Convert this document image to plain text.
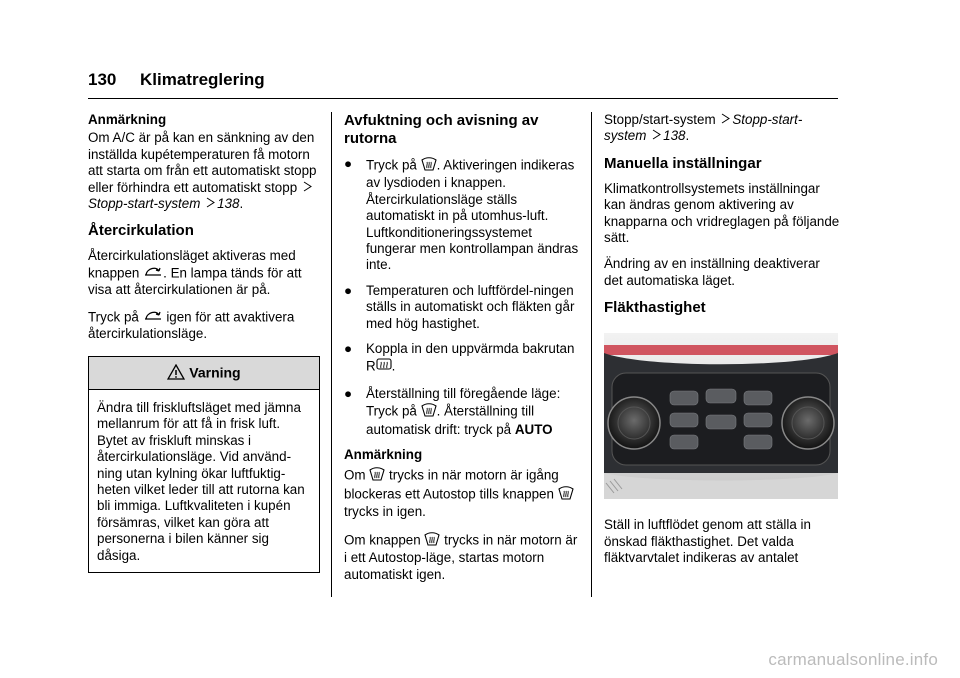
130 Klimatreglering
Anmärkning

Om A/C är på kan en sänkning av den inställda kupétemperaturen få motorn att starta om från ett automatiskt stopp eller förhindra ett automatiskt stopp Stopp-start-system 138.

Återcirkulation

Återcirkulationsläget aktiveras med knappen . En lampa tänds för att visa att återcirkulationen är på.

Tryck på igen för att avaktivera återcirkulationsläge.

Varning
Ändra till friskluftsläget med jämna mellanrum för att få in frisk luft. Bytet av friskluft minskas i återcirkulationsläge. Vid använd-ning utan kylning ökar luftfuktig-heten vilket leder till att rutorna kan bli immiga. Luftkvaliteten i kupén försämras, vilket kan göra att personerna i bilen känner sig dåsiga.
Avfuktning och avisning av rutorna
● Tryck på . Aktiveringen indikeras av lysdioden i knappen. Återcirkulationsläge ställs automatiskt in på utomhus-luft. Luftkonditioneringssystemet fungerar men kontrollampan ändras inte.
● Temperaturen och luftfördel-ningen ställs in automatiskt och fläkten går med hög hastighet.
● Koppla in den uppvärmda bakrutan R .
● Återställning till föregående läge: Tryck på . Återställning till automatisk drift: tryck på AUTO
Anmärkning

Om trycks in när motorn är igång blockeras ett Autostop tills knappen  trycks in igen.

Om knappen trycks in när motorn är i ett Autostop-läge, startas motorn automatiskt igen.

Stopp/start-system Stopp-start-system 138.

Manuella inställningar

Klimatkontrollsystemets inställningar kan ändras genom aktivering av knapparna och vridreglagen på följande sätt.

Ändring av en inställning deaktiverar det automatiska läget.

Fläkthastighet

Ställ in luftflödet genom att ställa in önskad fläkthastighet. Det valda fläktvarvtalet indikeras av antalet

carmanualsonline.info
